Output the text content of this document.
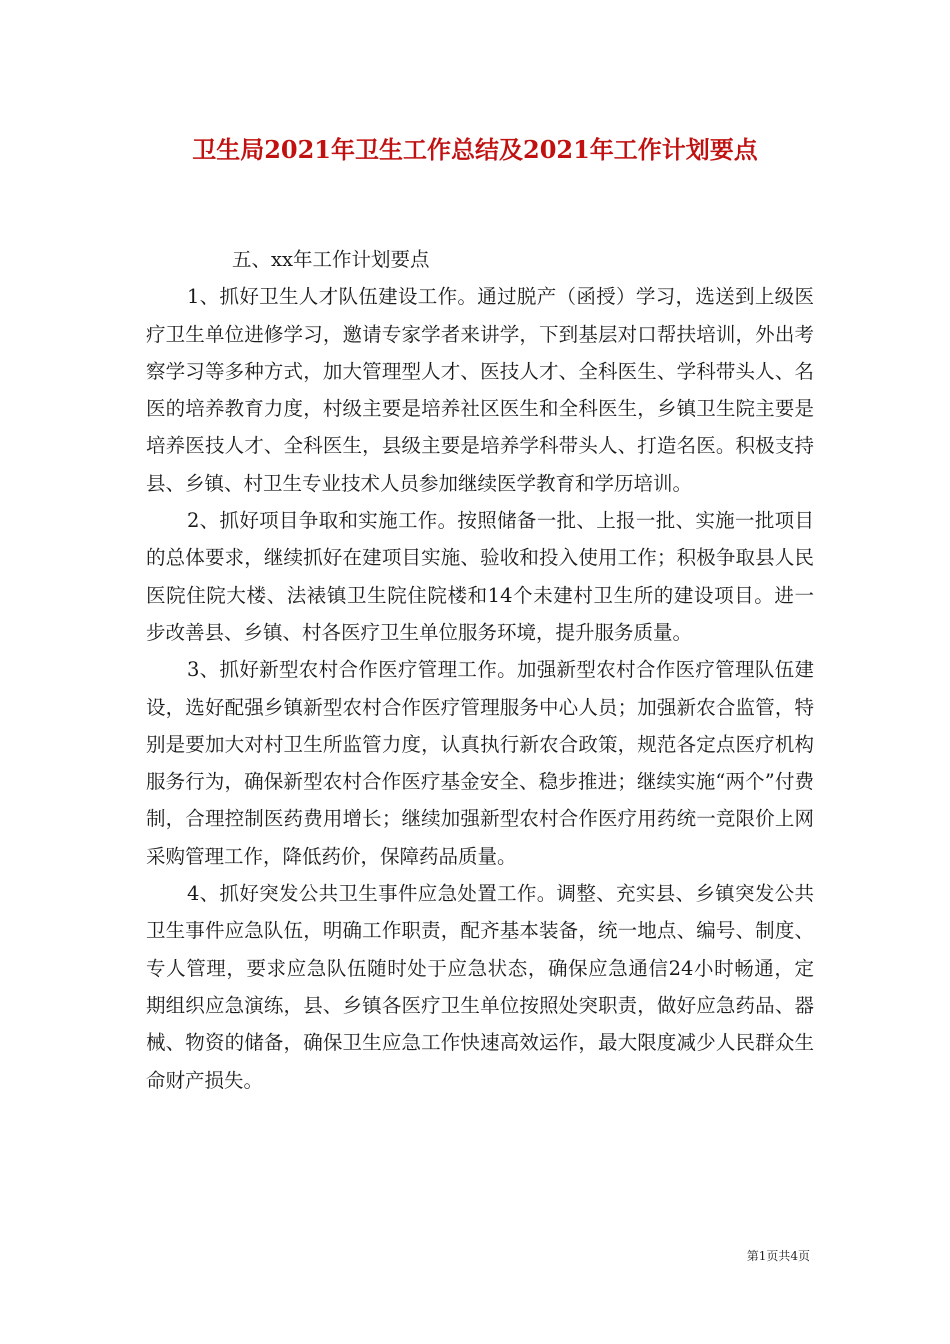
卫生局2021年卫生工作总结及2021年工作计划要点

五、xx年工作计划要点

1、抓好卫生人才队伍建设工作。通过脱产（函授）学习，选送到上级医疗卫生单位进修学习，邀请专家学者来讲学，下到基层对口帮扶培训，外出考察学习等多种方式，加大管理型人才、医技人才、全科医生、学科带头人、名医的培养教育力度，村级主要是培养社区医生和全科医生，乡镇卫生院主要是培养医技人才、全科医生，县级主要是培养学科带头人、打造名医。积极支持县、乡镇、村卫生专业技术人员参加继续医学教育和学历培训。

2、抓好项目争取和实施工作。按照储备一批、上报一批、实施一批项目的总体要求，继续抓好在建项目实施、验收和投入使用工作；积极争取县人民医院住院大楼、法裱镇卫生院住院楼和14个未建村卫生所的建设项目。进一步改善县、乡镇、村各医疗卫生单位服务环境，提升服务质量。

3、抓好新型农村合作医疗管理工作。加强新型农村合作医疗管理队伍建设，选好配强乡镇新型农村合作医疗管理服务中心人员；加强新农合监管，特别是要加大对村卫生所监管力度，认真执行新农合政策，规范各定点医疗机构服务行为，确保新型农村合作医疗基金安全、稳步推进；继续实施“两个”付费制，合理控制医药费用增长；继续加强新型农村合作医疗用药统一竞限价上网采购管理工作，降低药价，保障药品质量。

4、抓好突发公共卫生事件应急处置工作。调整、充实县、乡镇突发公共卫生事件应急队伍，明确工作职责，配齐基本装备，统一地点、编号、制度、专人管理，要求应急队伍随时处于应急状态，确保应急通信24小时畅通，定期组织应急演练，县、乡镇各医疗卫生单位按照处突职责，做好应急药品、器械、物资的储备，确保卫生应急工作快速高效运作，最大限度减少人民群众生命财产损失。

第1页共4页
